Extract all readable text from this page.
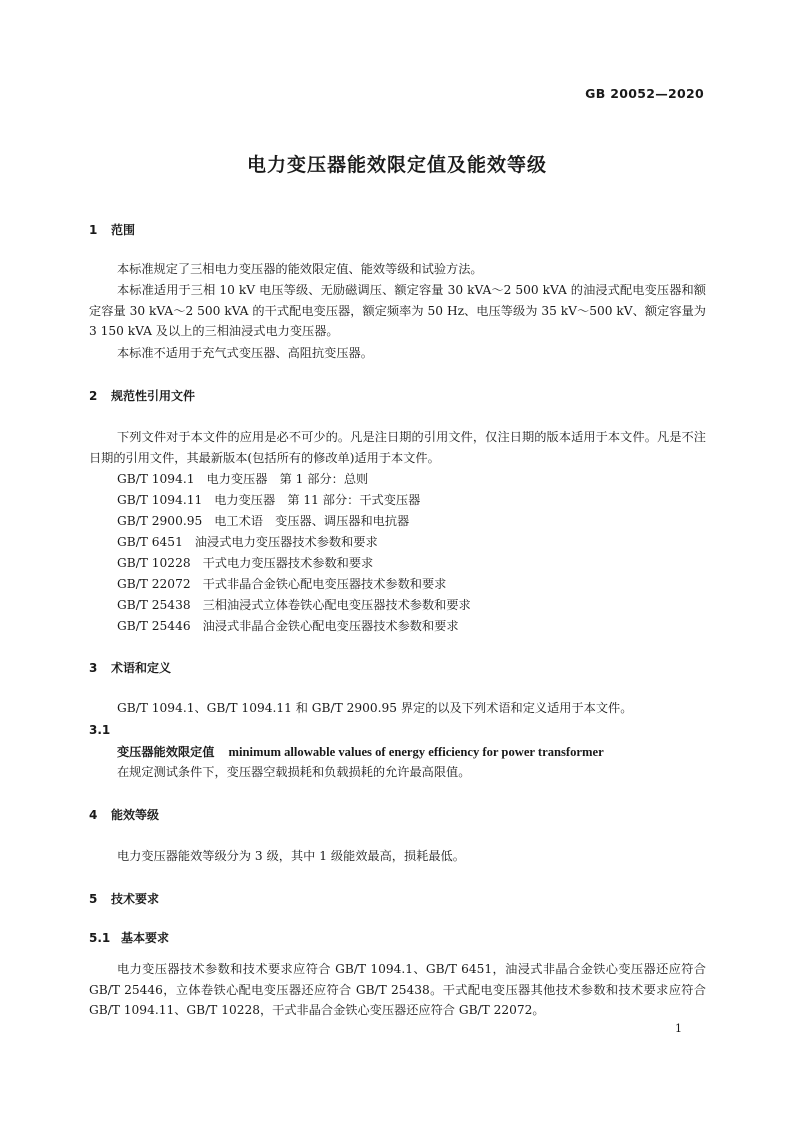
GB 20052—2020
电力变压器能效限定值及能效等级
1 范围
本标准规定了三相电力变压器的能效限定值、能效等级和试验方法。
本标准适用于三相 10 kV 电压等级、无励磁调压、额定容量 30 kVA～2 500 kVA 的油浸式配电变压器和额定容量 30 kVA～2 500 kVA 的干式配电变压器，额定频率为 50 Hz、电压等级为 35 kV～500 kV、额定容量为 3 150 kVA 及以上的三相油浸式电力变压器。
本标准不适用于充气式变压器、高阻抗变压器。
2 规范性引用文件
下列文件对于本文件的应用是必不可少的。凡是注日期的引用文件，仅注日期的版本适用于本文件。凡是不注日期的引用文件，其最新版本(包括所有的修改单)适用于本文件。
GB/T 1094.1 电力变压器　第 1 部分：总则
GB/T 1094.11 电力变压器　第 11 部分：干式变压器
GB/T 2900.95 电工术语　变压器、调压器和电抗器
GB/T 6451 油浸式电力变压器技术参数和要求
GB/T 10228 干式电力变压器技术参数和要求
GB/T 22072 干式非晶合金铁心配电变压器技术参数和要求
GB/T 25438 三相油浸式立体卷铁心配电变压器技术参数和要求
GB/T 25446 油浸式非晶合金铁心配电变压器技术参数和要求
3 术语和定义
GB/T 1094.1、GB/T 1094.11 和 GB/T 2900.95 界定的以及下列术语和定义适用于本文件。
3.1
变压器能效限定值 minimum allowable values of energy efficiency for power transformer
在规定测试条件下，变压器空载损耗和负载损耗的允许最高限值。
4 能效等级
电力变压器能效等级分为 3 级，其中 1 级能效最高，损耗最低。
5 技术要求
5.1 基本要求
电力变压器技术参数和技术要求应符合 GB/T 1094.1、GB/T 6451，油浸式非晶合金铁心变压器还应符合 GB/T 25446，立体卷铁心配电变压器还应符合 GB/T 25438。干式配电变压器其他技术参数和技术要求应符合 GB/T 1094.11、GB/T 10228，干式非晶合金铁心变压器还应符合 GB/T 22072。
1
